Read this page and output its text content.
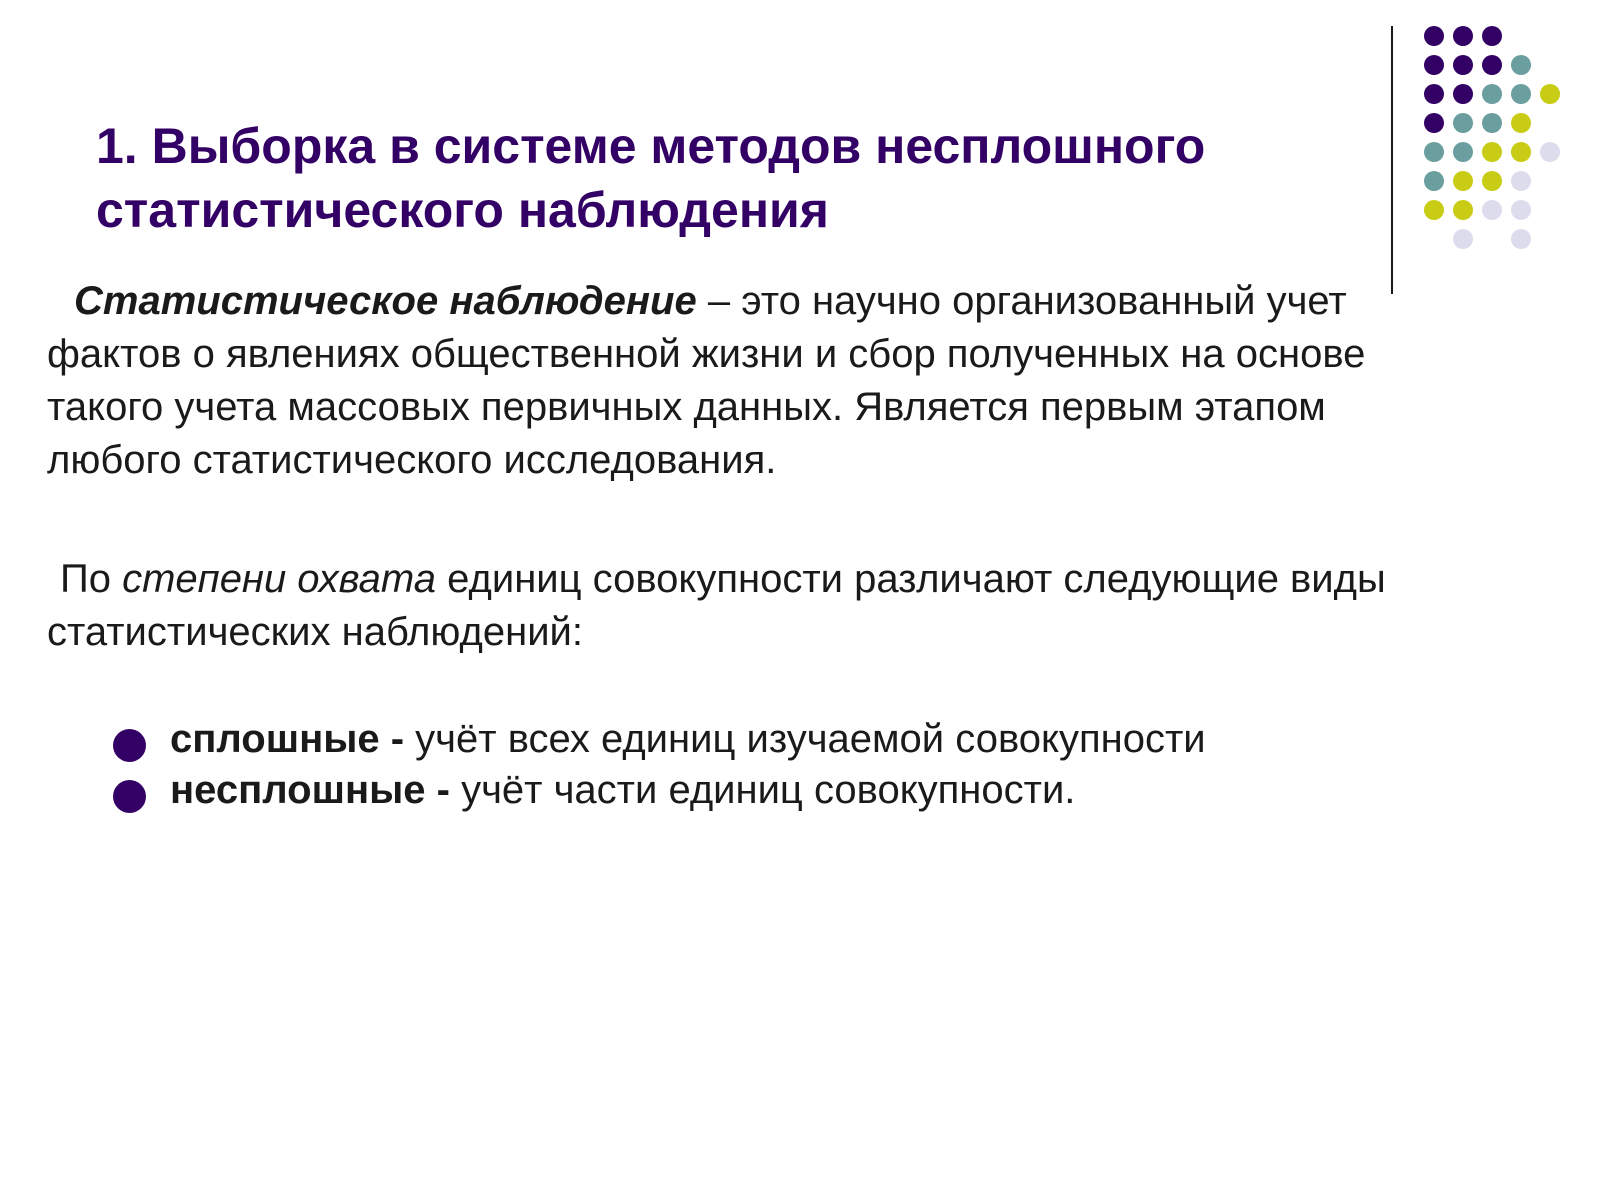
1. Выборка в системе методов несплошного статистического наблюдения

Статистическое наблюдение – это научно организованный учет фактов о явлениях общественной жизни и сбор полученных на основе такого учета массовых первичных данных. Является первым этапом любого статистического исследования.

По степени охвата единиц совокупности различают следующие виды статистических наблюдений:

сплошные - учёт всех единиц изучаемой совокупности
несплошные - учёт части единиц совокупности.
